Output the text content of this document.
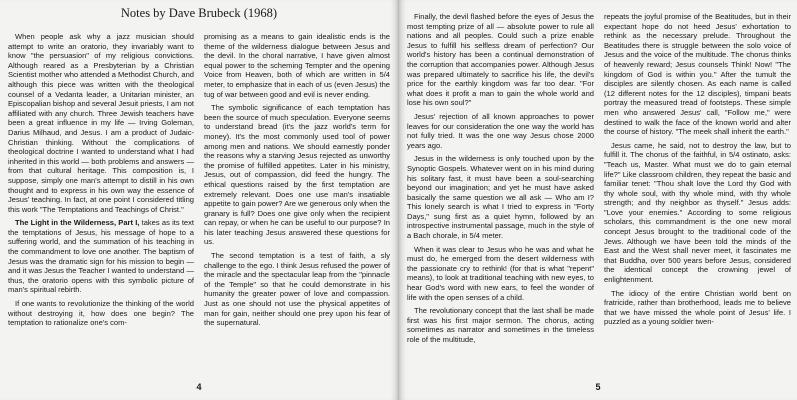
Notes by Dave Brubeck (1968)

When people ask why a jazz musician should attempt to write an oratorio, they invariably want to know "the persuasion" of my religious convictions. Although reared as a Presbyterian by a Christian Scientist mother who attended a Methodist Church, and although this piece was written with the theological counsel of a Vedanta leader, a Unitarian minister, an Episcopalian bishop and several Jesuit priests, I am not affiliated with any church. Three Jewish teachers have been a great influence in my life — Irving Goleman, Darius Milhaud, and Jesus. I am a product of Judaic-Christian thinking. Without the complications of theological doctrine I wanted to understand what I had inherited in this world — both problems and answers — from that cultural heritage. This composition is, I suppose, simply one man's attempt to distill in his own thought and to express in his own way the essence of Jesus' teaching. In fact, at one point I considered titling this work "The Temptations and Teachings of Christ."

The Light in the Wilderness, Part I, takes as its text the temptations of Jesus, his message of hope to a suffering world, and the summation of his teaching in the commandment to love one another. The baptism of Jesus was the dramatic sign for his mission to begin — and it was Jesus the Teacher I wanted to understand — thus, the oratorio opens with this symbolic picture of man's spiritual rebirth.

If one wants to revolutionize the thinking of the world without destroying it, how does one begin? The temptation to rationalize one's com-

promising as a means to gain idealistic ends is the theme of the wilderness dialogue between Jesus and the devil. In the choral narrative, I have given almost equal power to the scheming Tempter and the opening Voice from Heaven, both of which are written in 5/4 meter, to emphasize that in each of us (even Jesus) the tug of war between good and evil is never ending.

The symbolic significance of each temptation has been the source of much speculation. Everyone seems to understand bread (it's the jazz world's term for money). It's the most commonly used tool of power among men and nations. We should earnestly ponder the reasons why a starving Jesus rejected as unworthy the promise of fulfilled appetites. Later in his ministry, Jesus, out of compassion, did feed the hungry. The ethical questions raised by the first temptation are extremely relevant. Does one use man's insatiable appetite to gain power? Are we generous only when the granary is full? Does one give only when the recipient can repay, or when he can be useful to our purpose? In his later teaching Jesus answered these questions for us.

The second temptation is a test of faith, a sly challenge to the ego. I think Jesus refused the power of the miracle and the spectacular leap from the "pinnacle of the Temple" so that he could demonstrate in his humanity the greater power of love and compassion. Just as one should not use the physical appetites of man for gain, neither should one prey upon his fear of the supernatural.

4

Finally, the devil flashed before the eyes of Jesus the most tempting prize of all — absolute power to rule all nations and all peoples. Could such a prize enable Jesus to fulfill his selfless dream of perfection? Our world's history has been a continual demonstration of the corruption that accompanies power. Although Jesus was prepared ultimately to sacrifice his life, the devil's price for the earthly kingdom was far too dear. "For what does it profit a man to gain the whole world and lose his own soul?"

Jesus' rejection of all known approaches to power leaves for our consideration the one way the world has not fully tried. It was the one way Jesus chose 2000 years ago.

Jesus in the wilderness is only touched upon by the Synoptic Gospels. Whatever went on in his mind during his solitary fast, it must have been a soul-searching beyond our imagination; and yet he must have asked basically the same question we all ask — Who am I? This lonely search is what I tried to express in "Forty Days," sung first as a quiet hymn, followed by an introspective instrumental passage, much in the style of a Bach chorale, in 5/4 meter.

When it was clear to Jesus who he was and what he must do, he emerged from the desert wilderness with the passionate cry to rethink! (for that is what "repent" means), to look at traditional teaching with new eyes, to hear God's word with new ears, to feel the wonder of life with the open senses of a child.

The revolutionary concept that the last shall be made first was his first major sermon. The chorus, acting sometimes as narrator and sometimes in the timeless role of the multitude,

repeats the joyful promise of the Beatitudes, but in their expectant hope do not heed Jesus' exhortation to rethink as the necessary prelude. Throughout the Beatitudes there is struggle between the solo voice of Jesus and the voice of the multitude. The chorus thinks of heavenly reward; Jesus counsels Think! Now! "The kingdom of God is within you." After the tumult the disciples are silently chosen. As each name is called (12 different notes for the 12 disciples), timpani beats portray the measured tread of footsteps. These simple men who answered Jesus' call, "Follow me," were destined to walk the face of the known world and alter the course of history. "The meek shall inherit the earth."

Jesus came, he said, not to destroy the law, but to fulfill it. The chorus of the faithful, in 5/4 ostinato, asks: "Teach us, Master. What must we do to gain eternal life?" Like classroom children, they repeat the basic and familiar tenet: "Thou shalt love the Lord thy God with thy whole soul, with thy whole mind, with thy whole strength; and thy neighbor as thyself." Jesus adds: "Love your enemies." According to some religious scholars, this commandment is the one new moral concept Jesus brought to the traditional code of the Jews. Although we have been told the minds of the East and the West shall never meet, it fascinates me that Buddha, over 500 years before Jesus, considered the identical concept the crowning jewel of enlightenment.

The idiocy of the entire Christian world bent on fratricide, rather than brotherhood, leads me to believe that we have missed the whole point of Jesus' life. I puzzled as a young soldier twen-

5
